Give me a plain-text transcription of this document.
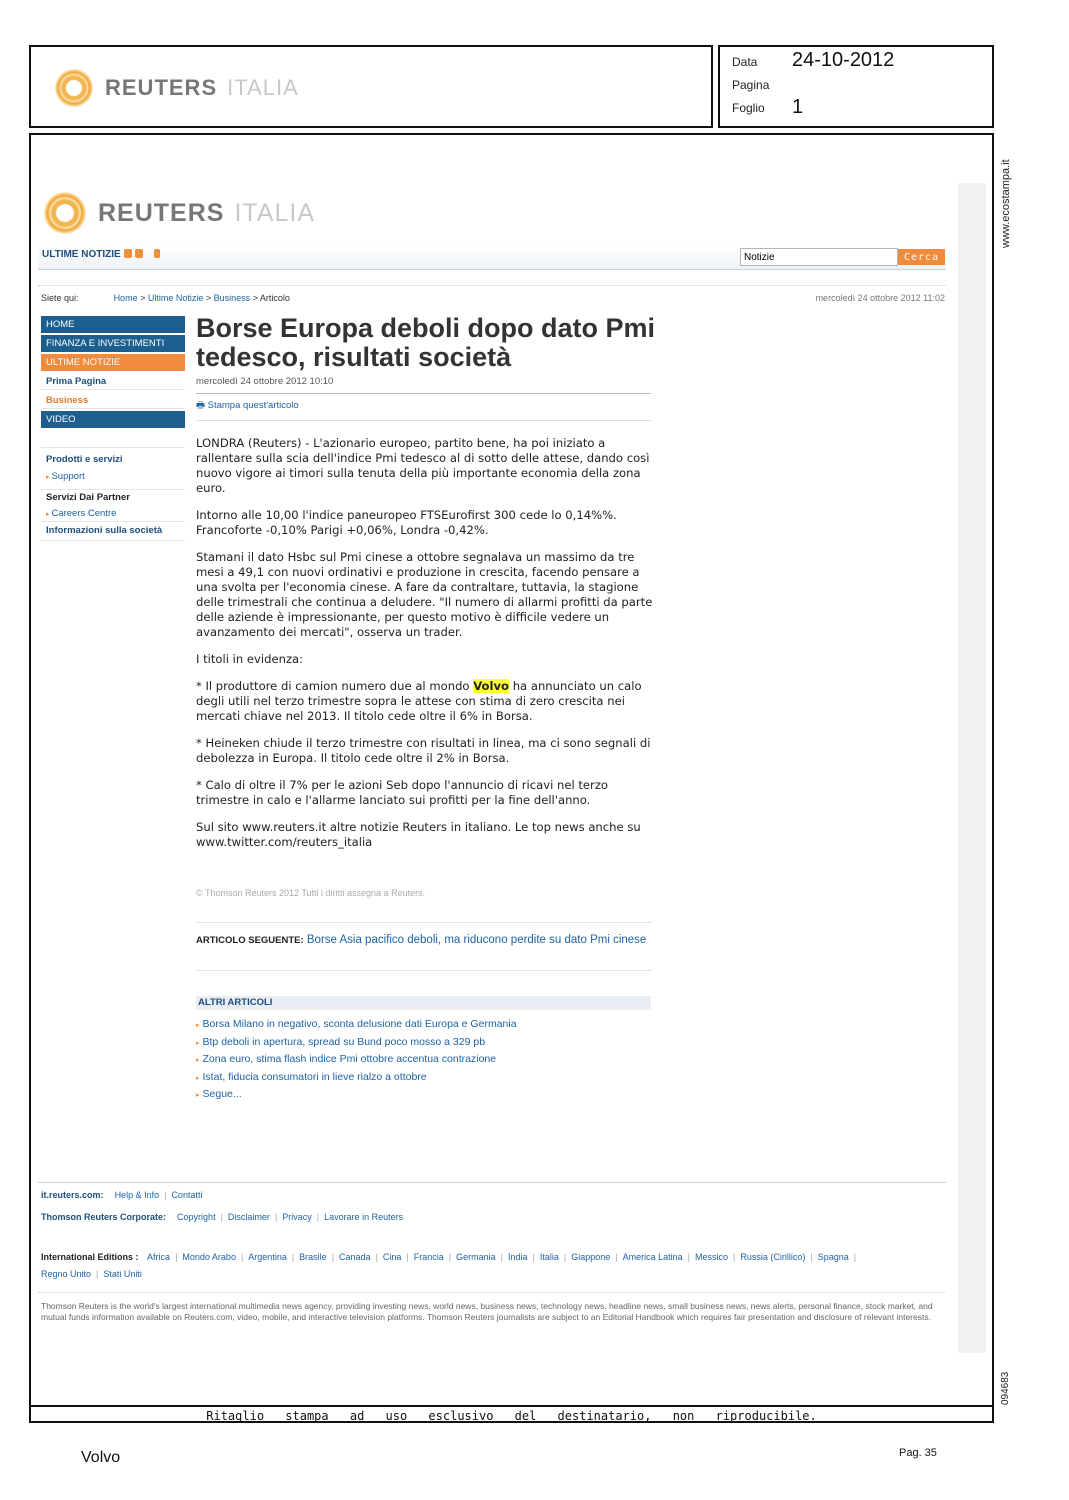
REUTERS ITALIA
Data 24-10-2012
Pagina
Foglio 1
www.ecostampa.it
094683
REUTERS ITALIA
ULTIME NOTIZIE
Notizie	Cerca
Siete qui:	Home > Ultime Notizie > Business > Articolo	mercoledì 24 ottobre 2012 11:02
HOME
FINANZA E INVESTIMENTI
ULTIME NOTIZIE
Prima Pagina
Business
VIDEO
Prodotti e servizi
▸ Support
Servizi Dai Partner
▸ Careers Centre
Informazioni sulla società
Borse Europa deboli dopo dato Pmi tedesco, risultati società
mercoledì 24 ottobre 2012 10:10
🖶 Stampa quest'articolo

LONDRA (Reuters) - L'azionario europeo, partito bene, ha poi iniziato a rallentare sulla scia dell'indice Pmi tedesco al di sotto delle attese, dando così nuovo vigore ai timori sulla tenuta della più importante economia della zona euro.

Intorno alle 10,00 l'indice paneuropeo FTSEurofirst 300 cede lo 0,14%%. Francoforte -0,10% Parigi +0,06%, Londra -0,42%.

Stamani il dato Hsbc sul Pmi cinese a ottobre segnalava un massimo da tre mesi a 49,1 con nuovi ordinativi e produzione in crescita, facendo pensare a una svolta per l'economia cinese. A fare da contraltare, tuttavia, la stagione delle trimestrali che continua a deludere. "Il numero di allarmi profitti da parte delle aziende è impressionante, per questo motivo è difficile vedere un avanzamento dei mercati", osserva un trader.

I titoli in evidenza:

* Il produttore di camion numero due al mondo Volvo ha annunciato un calo degli utili nel terzo trimestre sopra le attese con stima di zero crescita nei mercati chiave nel 2013. Il titolo cede oltre il 6% in Borsa.

* Heineken chiude il terzo trimestre con risultati in linea, ma ci sono segnali di debolezza in Europa. Il titolo cede oltre il 2% in Borsa.

* Calo di oltre il 7% per le azioni Seb dopo l'annuncio di ricavi nel terzo trimestre in calo e l'allarme lanciato sui profitti per la fine dell'anno.

Sul sito www.reuters.it altre notizie Reuters in italiano. Le top news anche su www.twitter.com/reuters_italia

© Thomson Reuters 2012 Tutti i diritti assegna a Reuters.
ARTICOLO SEGUENTE: Borse Asia pacifico deboli, ma riducono perdite su dato Pmi cinese
ALTRI ARTICOLI
▸ Borsa Milano in negativo, sconta delusione dati Europa e Germania
▸ Btp deboli in apertura, spread su Bund poco mosso a 329 pb
▸ Zona euro, stima flash indice Pmi ottobre accentua contrazione
▸ Istat, fiducia consumatori in lieve rialzo a ottobre
▸ Segue...
it.reuters.com: Help & Info | Contatti
Thomson Reuters Corporate: Copyright | Disclaimer | Privacy | Lavorare in Reuters
International Editions : Africa | Mondo Arabo | Argentina | Brasile | Canada | Cina | Francia | Germania | India | Italia | Giappone | America Latina | Messico | Russia (Cirillico) | Spagna |
Regno Unito | Stati Uniti
Thomson Reuters is the world's largest international multimedia news agency, providing investing news, world news, business news, technology news, headline news, small business news, news alerts, personal finance, stock market, and mutual funds information available on Reuters.com, video, mobile, and interactive television platforms. Thomson Reuters journalists are subject to an Editorial Handbook which requires fair presentation and disclosure of relevant interests.
Ritaglio stampa ad uso esclusivo del destinatario, non riproducibile.
Volvo	Pag. 35
